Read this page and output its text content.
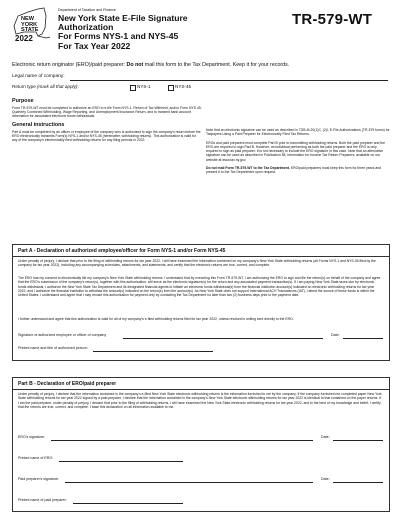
NEW YORK STATE
2022
Department of Taxation and Finance
New York State E-File Signature Authorization
For Forms NYS-1 and NYS-45
For Tax Year 2022
TR-579-WT
Electronic return originator (ERO)/paid preparer: Do not mail this form to the Tax Department. Keep it for your records.
Legal name of company:
Return type (mark all that apply):	NYS-1	NYS-45
Purpose
Form TR-579-WT must be completed to authorize an ERO to e-file Form NYS-1, Return of Tax Withheld, and/or Form NYS-45, Quarterly Combined Withholding, Wage Reporting, and Unemployment Insurance Return, and to transmit bank account information for associated electronic funds withdrawals.
General instructions
Part A must be completed by an officer or employee of the company who is authorized to sign the company's return before the ERO electronically transmits Form(s) NYS-1 and/or NYS-45 (hereinafter, withholding returns). This authorization is valid for any of the company's electronically filed withholding returns for any filing periods in 2022.
Note that an electronic signature can be used as described in TSB-M-20(1)C, (2)I, E-File Authorizations (TR-579 forms) for Taxpayers Using a Paid Preparer for Electronically Filed Tax Returns.
EROs and paid preparers must complete Part B prior to transmitting withholding returns. Both the paid preparer and the ERO are required to sign Part B. However, an individual performing as both the paid preparer and the ERO is only required to sign as paid preparer. It is not necessary to include the ERO signature in this case. Note that an alternative signature can be used as described in Publication 58, Information for Income Tax Return Preparers, available on our website at www.tax.ny.gov.
Do not mail Form TR-579-WT to the Tax Department. ERO/paid preparers must keep this form for three years and present it to the Tax Department upon request.
Part A - Declaration of authorized employee/officer for Form NYS-1 and/or Form NYS-45
Under penalty of perjury, I declare that prior to the filing of withholding returns for tax year 2022, I will have examined the information contained on my company's New York State withholding returns (all Forms NYS-1 and NYS-45 filed by the company for tax year 2022), including any accompanying schedules, attachments, and statements, and certify that the electronic returns are true, correct, and complete.
The ERO has my consent to electronically file my company's New York State withholding returns. I understand that by executing this Form TR-579-WT, I am authorizing the ERO to sign and file the return(s) on behalf of the company and agree that the ERO's submission of the company's return(s), together with this authorization, will serve as the electronic signature(s) for the return and any associated payment transaction(s). If I am paying New York State taxes due by electronic funds withdrawal, I authorize the New York State Tax Department and its designated financial agents to initiate an electronic funds withdrawal(s) from the financial institution account(s) indicated on electronic withholding returns for tax year 2022, and I authorize the financial institution to withdraw the amount(s) indicated on the return(s) from the account(s). As New York State does not support International ACH Transactions (IAT), I attest the source of these funds is within the United States. I understand and agree that I may revoke this authorization for payment only by contacting the Tax Department no later than two (2) business days prior to the payment date.
I further understand and agree that this authorization is valid for all of my company's e-filed withholding returns filed for tax year 2022, unless revoked in writing sent directly to the ERO.
Signature of authorized employee or officer of company	Date:
Printed name and title of authorized person:
Part B - Declaration of ERO/paid preparer
Under penalty of perjury, I declare that the information contained in the company's e-filed New York State electronic withholding returns is the information furnished to me by the company. If the company furnished me completed paper New York State withholding returns for tax year 2022 signed by a paid preparer, I declare that the information contained in the company's New York State electronic withholding returns for tax year 2022 is identical to that contained on the paper returns. If I am the paid preparer, under penalty of perjury, I declare that prior to the filing of withholding returns, I will have examined the New York State electronic withholding returns for tax year 2022, and to the best of my knowledge and belief, I certify that the returns are true, correct, and complete. I base this declaration on all information available to me.
ERO's signature:	Date:
Printed name of ERO:
Paid preparer's signature:	Date:
Printed name of paid preparer:
